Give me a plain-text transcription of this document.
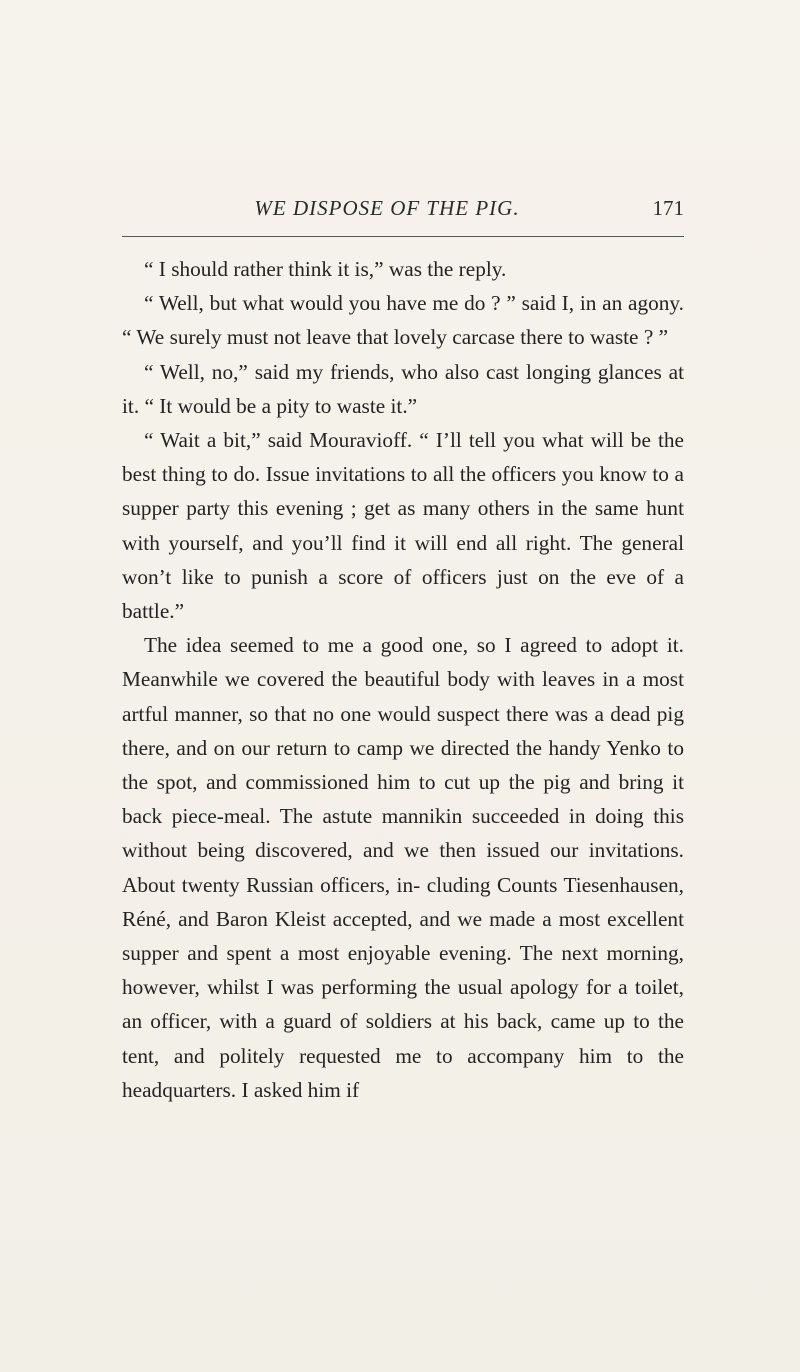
WE DISPOSE OF THE PIG.	171

“ I should rather think it is,” was the reply.

“ Well, but what would you have me do ? ” said I, in an agony. “ We surely must not leave that lovely carcase there to waste ? ”

“ Well, no,” said my friends, who also cast longing glances at it. “ It would be a pity to waste it.”

“ Wait a bit,” said Mouravioff. “ I’ll tell you what will be the best thing to do. Issue invitations to all the officers you know to a supper party this evening ; get as many others in the same hunt with yourself, and you’ll find it will end all right. The general won’t like to punish a score of officers just on the eve of a battle.”

The idea seemed to me a good one, so I agreed to adopt it. Meanwhile we covered the beautiful body with leaves in a most artful manner, so that no one would suspect there was a dead pig there, and on our return to camp we directed the handy Yenko to the spot, and commissioned him to cut up the pig and bring it back piece-meal. The astute mannikin succeeded in doing this without being discovered, and we then issued our invitations. About twenty Russian officers, in- cluding Counts Tiesenhausen, Réné, and Baron Kleist accepted, and we made a most excellent supper and spent a most enjoyable evening. The next morning, however, whilst I was performing the usual apology for a toilet, an officer, with a guard of soldiers at his back, came up to the tent, and politely requested me to accompany him to the headquarters. I asked him if
